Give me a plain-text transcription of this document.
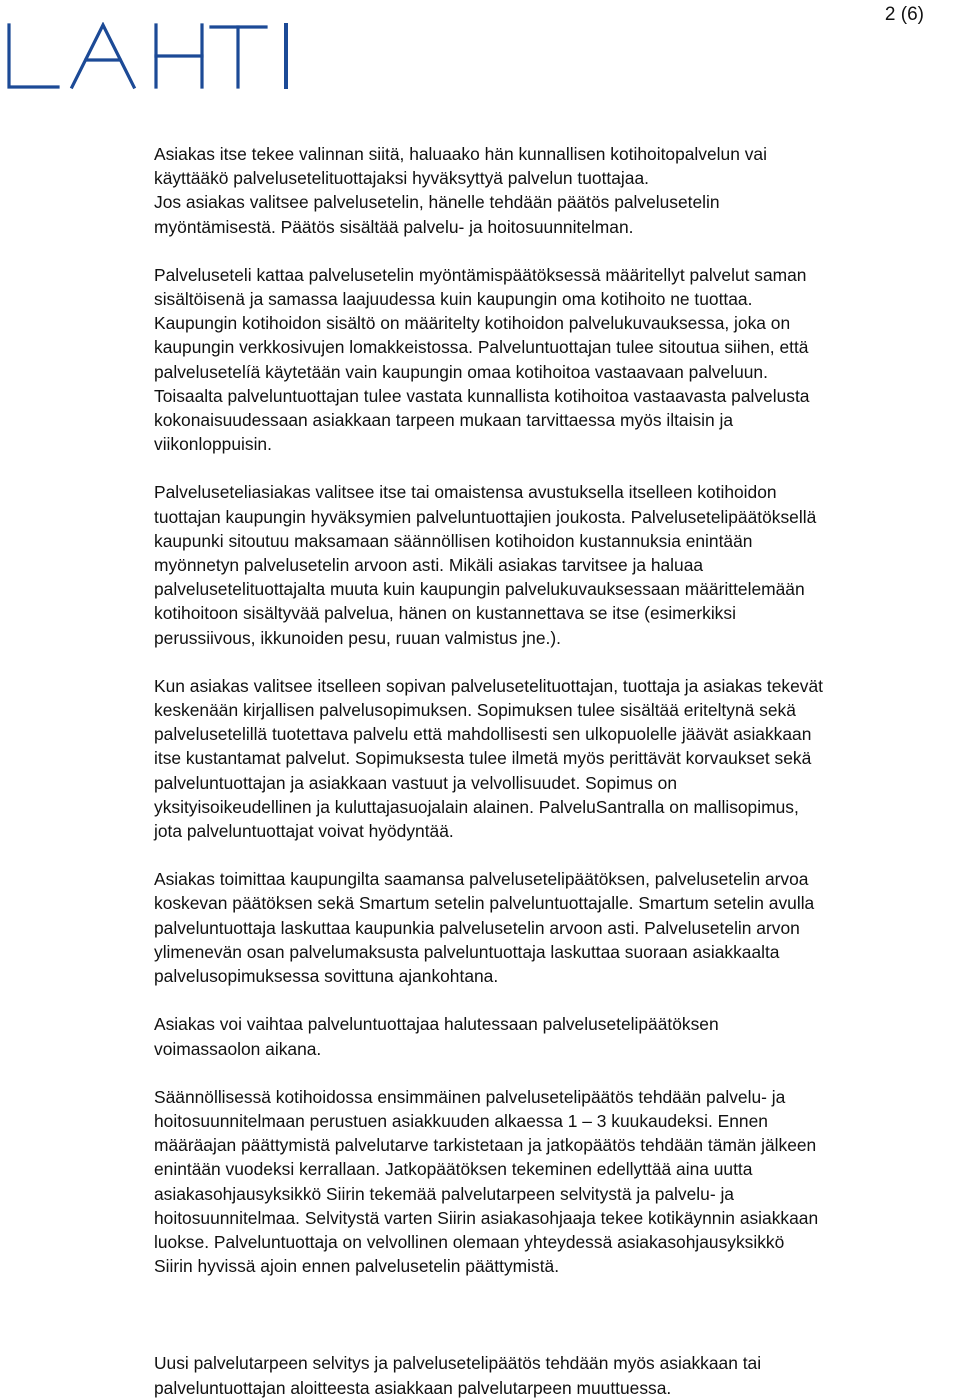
2 (6)

Asiakas itse tekee valinnan siitä, haluaako hän kunnallisen kotihoitopalvelun vai
käyttääkö palvelusetelituottajaksi hyväksyttyä palvelun tuottajaa.
Jos asiakas valitsee palvelusetelin, hänelle tehdään päätös palvelusetelin
myöntämisestä. Päätös sisältää palvelu- ja hoitosuunnitelman.

Palveluseteli kattaa palvelusetelin myöntämispäätöksessä määritellyt palvelut saman
sisältöisenä ja samassa laajuudessa kuin kaupungin oma kotihoito ne tuottaa.
Kaupungin kotihoidon sisältö on määritelty kotihoidon palvelukuvauksessa, joka on
kaupungin verkkosivujen lomakkeistossa. Palveluntuottajan tulee sitoutua siihen, että
palvelusetelíä käytetään vain kaupungin omaa kotihoitoa vastaavaan palveluun.
Toisaalta palveluntuottajan tulee vastata kunnallista kotihoitoa vastaavasta palvelusta
kokonaisuudessaan asiakkaan tarpeen mukaan tarvittaessa myös iltaisin ja
viikonloppuisin.

Palveluseteliasiakas valitsee itse tai omaistensa avustuksella itselleen kotihoidon
tuottajan kaupungin hyväksymien palveluntuottajien joukosta. Palvelusetelipäätöksellä
kaupunki sitoutuu maksamaan säännöllisen kotihoidon kustannuksia enintään
myönnetyn palvelusetelin arvoon asti. Mikäli asiakas tarvitsee ja haluaa
palvelusetelituottajalta muuta kuin kaupungin palvelukuvauksessaan määrittelemään
kotihoitoon sisältyvää palvelua, hänen on kustannettava se itse (esimerkiksi
perussiivous, ikkunoiden pesu, ruuan valmistus jne.).

Kun asiakas valitsee itselleen sopivan palvelusetelituottajan, tuottaja ja asiakas tekevät
keskenään kirjallisen palvelusopimuksen. Sopimuksen tulee sisältää eriteltynä sekä
palvelusetelillä tuotettava palvelu että mahdollisesti sen ulkopuolelle jäävät asiakkaan
itse kustantamat palvelut. Sopimuksesta tulee ilmetä myös perittävät korvaukset sekä
palveluntuottajan ja asiakkaan vastuut ja velvollisuudet. Sopimus on
yksityisoikeudellinen ja kuluttajasuojalain alainen. PalveluSantralla on mallisopimus,
jota palveluntuottajat voivat hyödyntää.

Asiakas toimittaa kaupungilta saamansa palvelusetelipäätöksen, palvelusetelin arvoa
koskevan päätöksen sekä Smartum setelin palveluntuottajalle. Smartum setelin avulla
palveluntuottaja laskuttaa kaupunkia palvelusetelin arvoon asti. Palvelusetelin arvon
ylimenevän osan palvelumaksusta palveluntuottaja laskuttaa suoraan asiakkaalta
palvelusopimuksessa sovittuna ajankohtana.

Asiakas voi vaihtaa palveluntuottajaa halutessaan palvelusetelipäätöksen
voimassaolon aikana.

Säännöllisessä kotihoidossa ensimmäinen palvelusetelipäätös tehdään palvelu- ja
hoitosuunnitelmaan perustuen asiakkuuden alkaessa 1 – 3 kuukaudeksi. Ennen
määräajan päättymistä palvelutarve tarkistetaan ja jatkopäätös tehdään tämän jälkeen
enintään vuodeksi kerrallaan. Jatkopäätöksen tekeminen edellyttää aina uutta
asiakasohjausyksikkö Siirin tekemää palvelutarpeen selvitystä ja palvelu- ja
hoitosuunnitelmaa. Selvitystä varten Siirin asiakasohjaaja tekee kotikäynnin asiakkaan
luokse. Palveluntuottaja on velvollinen olemaan yhteydessä asiakasohjausyksikkö
Siirin hyvissä ajoin ennen palvelusetelin päättymistä.

Uusi palvelutarpeen selvitys ja palvelusetelipäätös tehdään myös asiakkaan tai
palveluntuottajan aloitteesta asiakkaan palvelutarpeen muuttuessa.
